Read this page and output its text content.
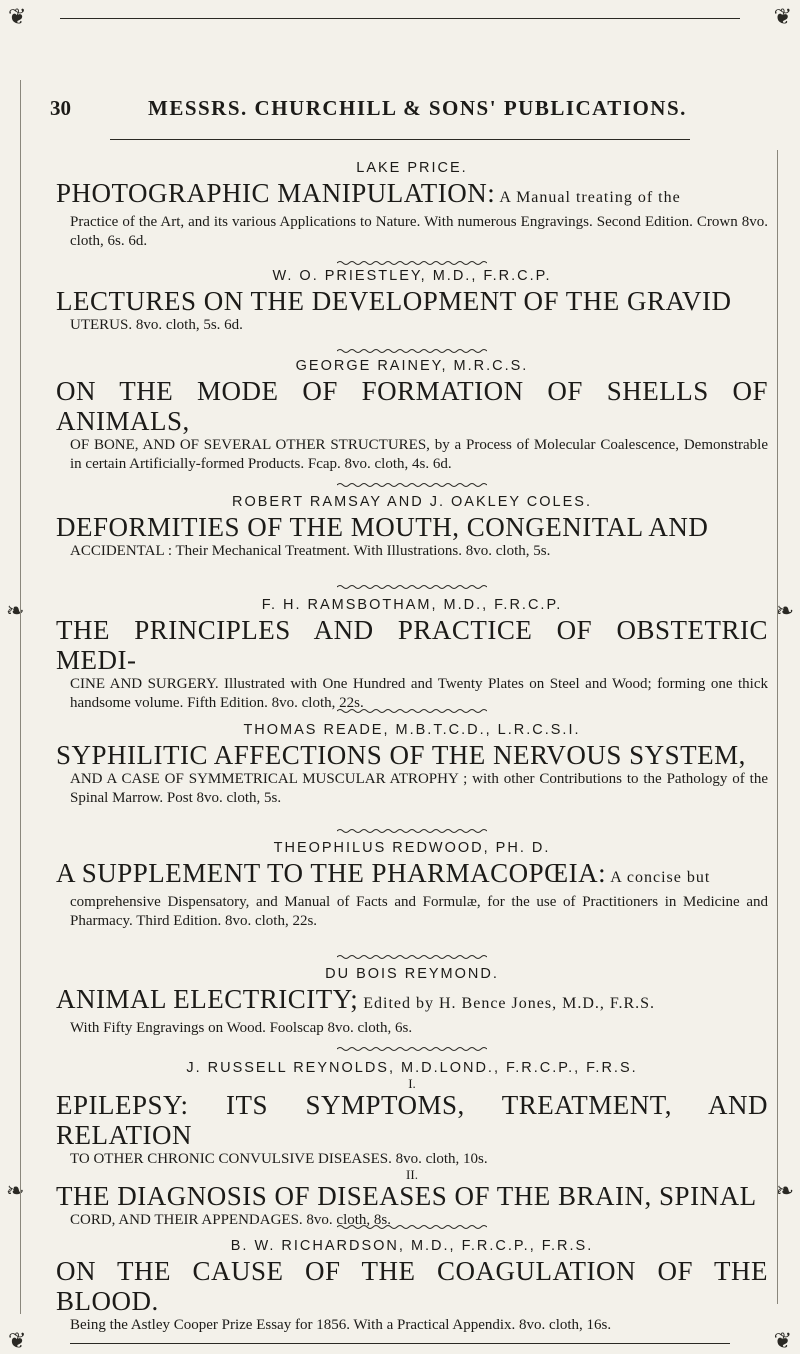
❦	❦
❧	❧
❧	❧
❦	❦
30	MESSRS. CHURCHILL & SONS' PUBLICATIONS.

LAKE PRICE.

PHOTOGRAPHIC MANIPULATION: A Manual treating of the

Practice of the Art, and its various Applications to Nature. With numerous Engravings. Second Edition. Crown 8vo. cloth, 6s. 6d.

W. O. PRIESTLEY, M.D., F.R.C.P.

LECTURES ON THE DEVELOPMENT OF THE GRAVID

UTERUS. 8vo. cloth, 5s. 6d.

GEORGE RAINEY, M.R.C.S.

ON THE MODE OF FORMATION OF SHELLS OF ANIMALS,

OF BONE, AND OF SEVERAL OTHER STRUCTURES, by a Process of Molecular Coalescence, Demonstrable in certain Artificially-formed Products. Fcap. 8vo. cloth, 4s. 6d.

ROBERT RAMSAY AND J. OAKLEY COLES.

DEFORMITIES OF THE MOUTH, CONGENITAL AND

ACCIDENTAL : Their Mechanical Treatment. With Illustrations. 8vo. cloth, 5s.

F. H. RAMSBOTHAM, M.D., F.R.C.P.

THE PRINCIPLES AND PRACTICE OF OBSTETRIC MEDI-

CINE AND SURGERY. Illustrated with One Hundred and Twenty Plates on Steel and Wood; forming one thick handsome volume. Fifth Edition. 8vo. cloth, 22s.

THOMAS READE, M.B.T.C.D., L.R.C.S.I.

SYPHILITIC AFFECTIONS OF THE NERVOUS SYSTEM,

AND A CASE OF SYMMETRICAL MUSCULAR ATROPHY ; with other Contributions to the Pathology of the Spinal Marrow. Post 8vo. cloth, 5s.

THEOPHILUS REDWOOD, PH. D.

A SUPPLEMENT TO THE PHARMACOPŒIA: A concise but

comprehensive Dispensatory, and Manual of Facts and Formulæ, for the use of Practitioners in Medicine and Pharmacy. Third Edition. 8vo. cloth, 22s.

DU BOIS REYMOND.

ANIMAL ELECTRICITY; Edited by H. Bence Jones, M.D., F.R.S.

With Fifty Engravings on Wood. Foolscap 8vo. cloth, 6s.

J. RUSSELL REYNOLDS, M.D.LOND., F.R.C.P., F.R.S.

I.

EPILEPSY: ITS SYMPTOMS, TREATMENT, AND RELATION

TO OTHER CHRONIC CONVULSIVE DISEASES. 8vo. cloth, 10s.

II.

THE DIAGNOSIS OF DISEASES OF THE BRAIN, SPINAL

CORD, AND THEIR APPENDAGES. 8vo. cloth, 8s.

B. W. RICHARDSON, M.D., F.R.C.P., F.R.S.

ON THE CAUSE OF THE COAGULATION OF THE BLOOD.

Being the Astley Cooper Prize Essay for 1856. With a Practical Appendix. 8vo. cloth, 16s.
